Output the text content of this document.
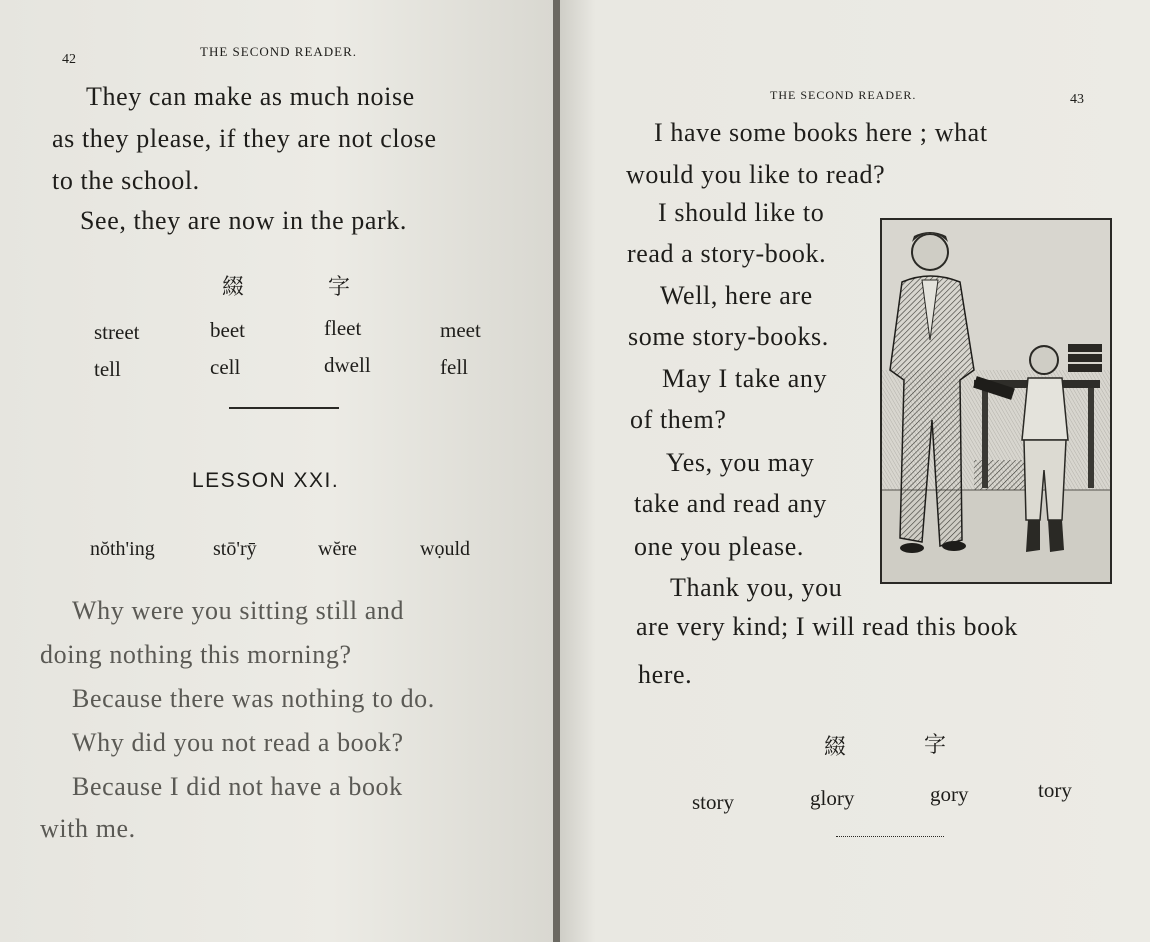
42
THE SECOND READER.
They can make as much noise
as they please, if they are not close
to the school.
See, they are now in the park.
綴	字
street	beet	fleet	meet
tell	cell	dwell	fell
LESSON XXI.
nŏth'ing	stō'rȳ	wĕre	wọuld
Why were you sitting still and
doing nothing this morning?
Because there was nothing to do.
Why did you not read a book?
Because I did not have a book
with me.
THE SECOND READER.	43
I have some books here ; what
would you like to read?
I should like to
read a story-book.
Well, here are
some story-books.
May I take any
of them?
Yes, you may
take and read any
one you please.
Thank you, you
are very kind; I will read this book
here.
綴	字
story	glory	gory	tory
